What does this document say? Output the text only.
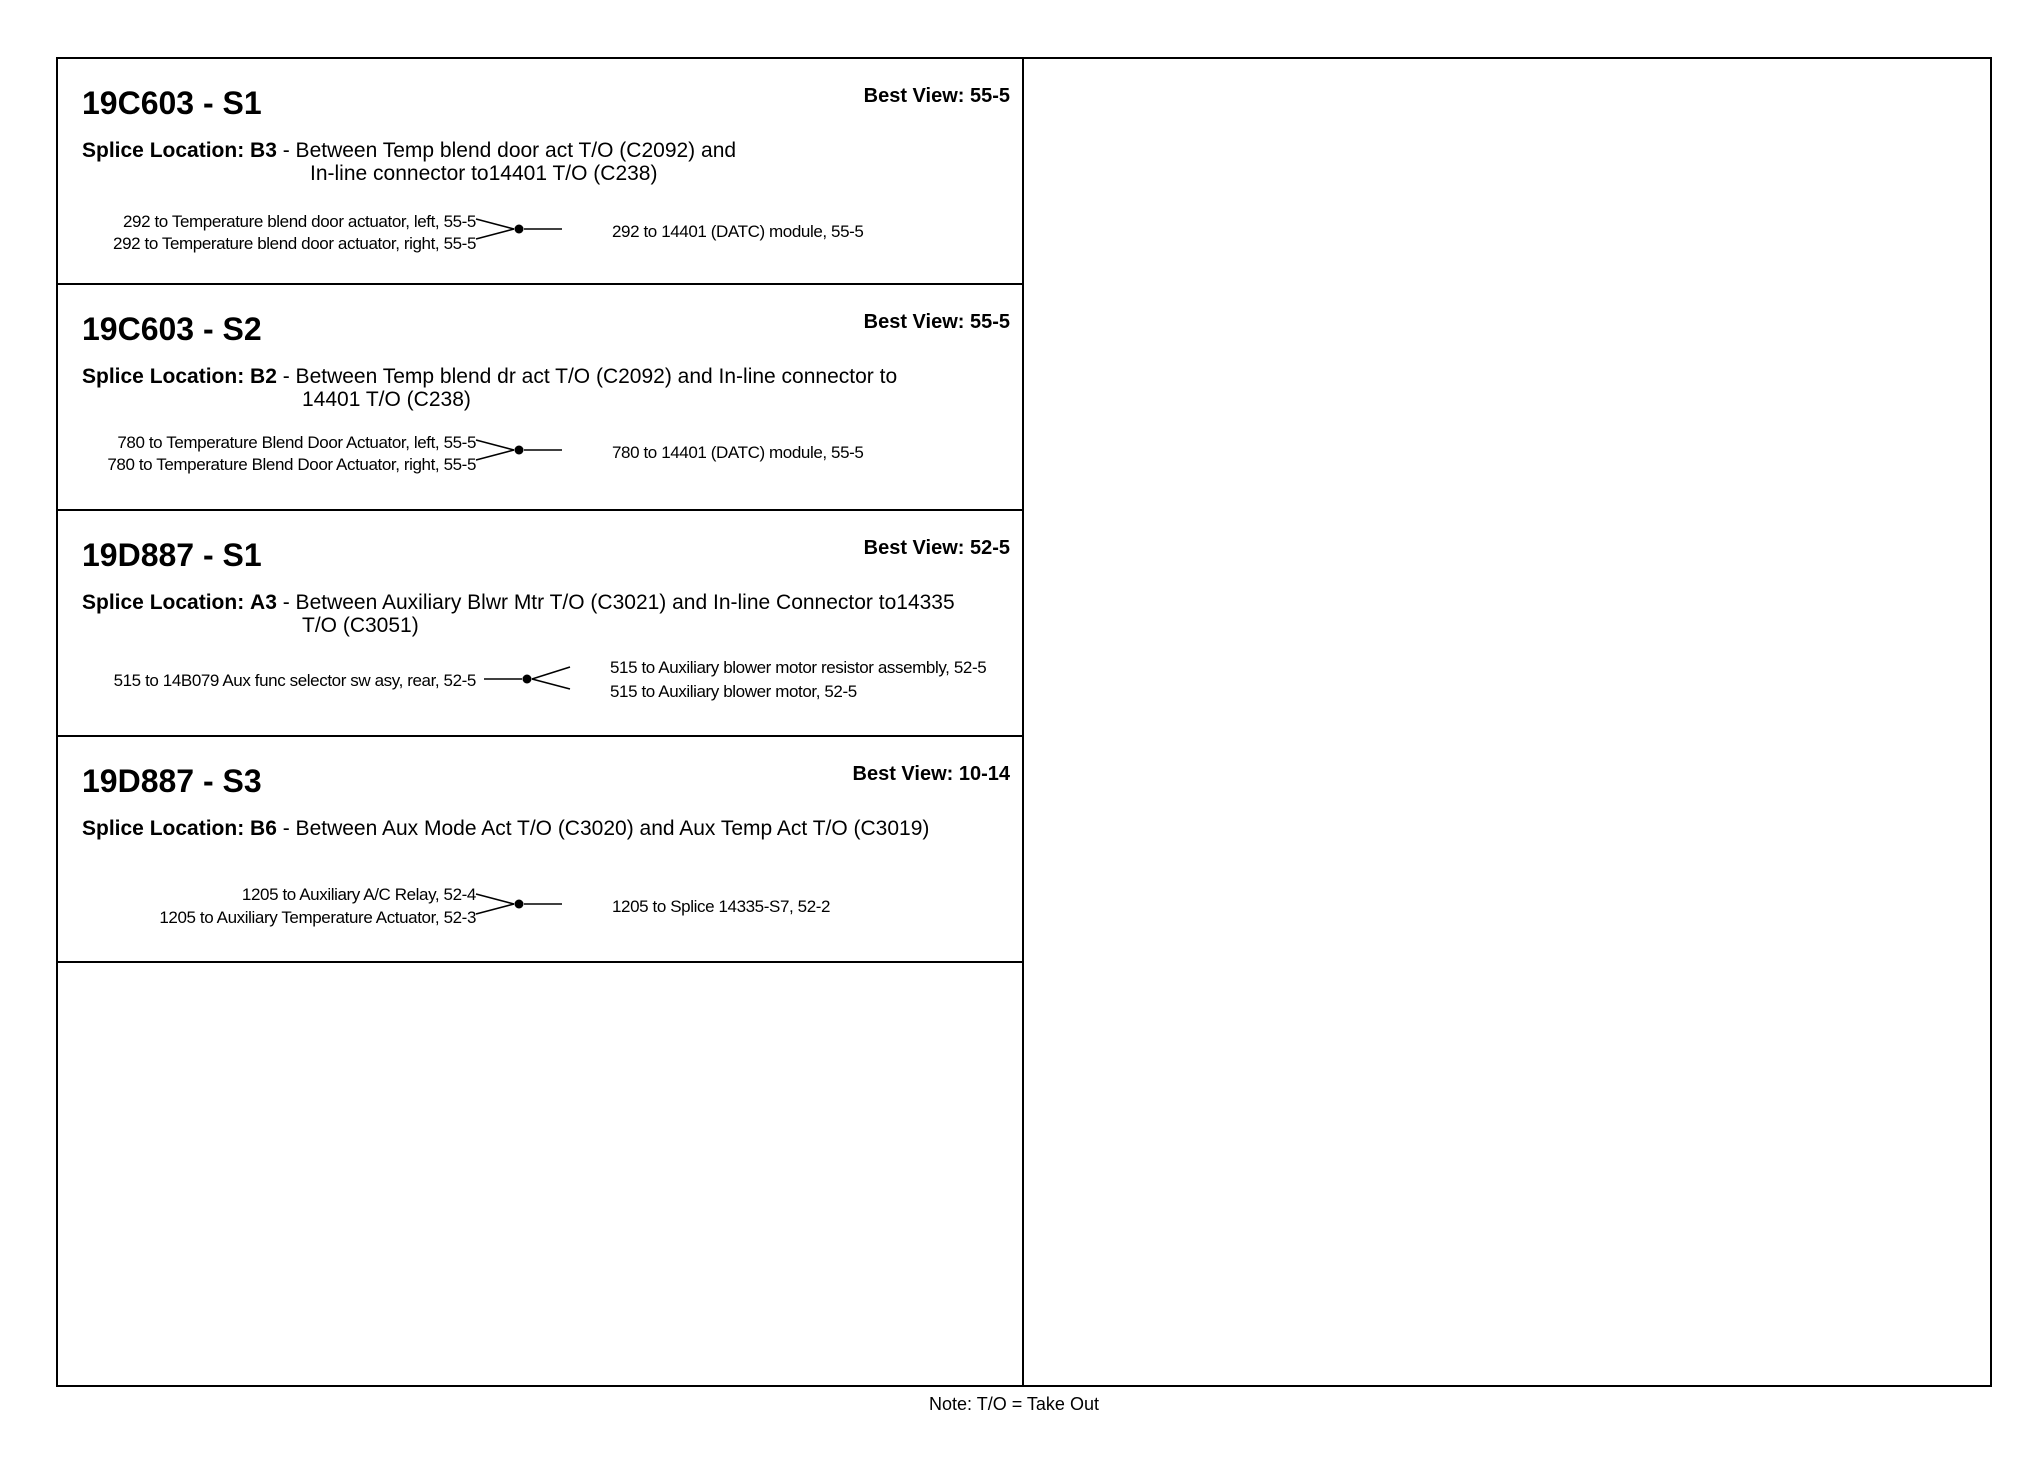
19C603 - S1	Best View: 55-5
Splice Location: B3 - Between Temp blend door act T/O (C2092) and
In-line connector to14401 T/O (C238)
292 to Temperature blend door actuator, left, 55-5
292 to Temperature blend door actuator, right, 55-5
292 to 14401 (DATC) module, 55-5
19C603 - S2	Best View: 55-5
Splice Location: B2 - Between Temp blend dr act T/O (C2092) and In-line connector to
14401 T/O (C238)
780 to Temperature Blend Door Actuator, left, 55-5
780 to Temperature Blend Door Actuator, right, 55-5
780 to 14401 (DATC) module, 55-5
19D887 - S1	Best View: 52-5
Splice Location: A3 - Between Auxiliary Blwr Mtr T/O (C3021) and In-line Connector to14335
T/O (C3051)
515 to 14B079 Aux func selector sw asy, rear, 52-5
515 to Auxiliary blower motor resistor assembly, 52-5
515 to Auxiliary blower motor, 52-5
19D887 - S3	Best View: 10-14
Splice Location: B6 - Between Aux Mode Act T/O (C3020) and Aux Temp Act T/O (C3019)
1205 to Auxiliary A/C Relay, 52-4
1205 to Auxiliary Temperature Actuator, 52-3
1205 to Splice 14335-S7, 52-2
Note: T/O = Take Out
